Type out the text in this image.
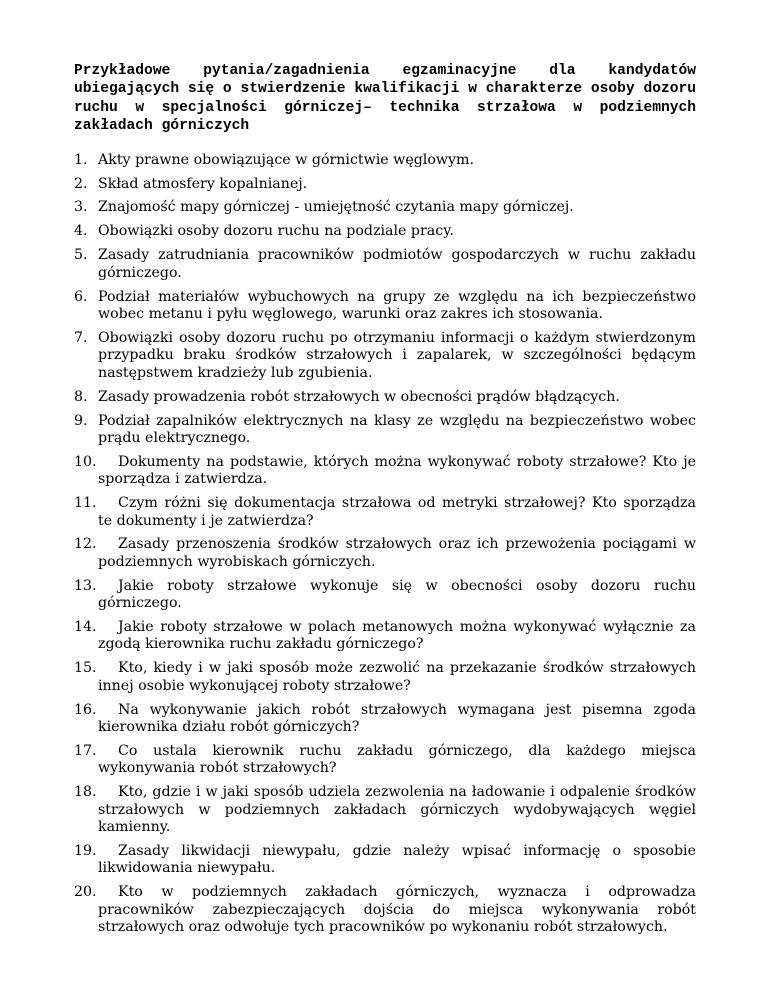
Przykładowe pytania/zagadnienia egzaminacyjne dla kandydatów ubiegających się o stwierdzenie kwalifikacji w charakterze osoby dozoru ruchu w specjalności górniczej– technika strzałowa w podziemnych zakładach górniczych

1. Akty prawne obowiązujące w górnictwie węglowym.
2. Skład atmosfery kopalnianej.
3. Znajomość mapy górniczej - umiejętność czytania mapy górniczej.
4. Obowiązki osoby dozoru ruchu na podziale pracy.
5. Zasady zatrudniania pracowników podmiotów gospodarczych w ruchu zakładu górniczego.
6. Podział materiałów wybuchowych na grupy ze względu na ich bezpieczeństwo wobec metanu i pyłu węglowego, warunki oraz zakres ich stosowania.
7. Obowiązki osoby dozoru ruchu po otrzymaniu informacji o każdym stwierdzonym przypadku braku środków strzałowych i zapalarek, w szczególności będącym następstwem kradzieży lub zgubienia.
8. Zasady prowadzenia robót strzałowych w obecności prądów błądzących.
9. Podział zapalników elektrycznych na klasy ze względu na bezpieczeństwo wobec prądu elektrycznego.
10. Dokumenty na podstawie, których można wykonywać roboty strzałowe? Kto je sporządza i zatwierdza.
11. Czym różni się dokumentacja strzałowa od metryki strzałowej? Kto sporządza te dokumenty i je zatwierdza?
12. Zasady przenoszenia środków strzałowych oraz ich przewożenia pociągami w podziemnych wyrobiskach górniczych.
13. Jakie roboty strzałowe wykonuje się w obecności osoby dozoru ruchu górniczego.
14. Jakie roboty strzałowe w polach metanowych można wykonywać wyłącznie za zgodą kierownika ruchu zakładu górniczego?
15. Kto, kiedy i w jaki sposób może zezwolić na przekazanie środków strzałowych innej osobie wykonującej roboty strzałowe?
16. Na wykonywanie jakich robót strzałowych wymagana jest pisemna zgoda kierownika działu robót górniczych?
17. Co ustala kierownik ruchu zakładu górniczego, dla każdego miejsca wykonywania robót strzałowych?
18. Kto, gdzie i w jaki sposób udziela zezwolenia na ładowanie i odpalenie środków strzałowych w podziemnych zakładach górniczych wydobywających węgiel kamienny.
19. Zasady likwidacji niewypału, gdzie należy wpisać informację o sposobie likwidowania niewypału.
20. Kto w podziemnych zakładach górniczych, wyznacza i odprowadza pracowników zabezpieczających dojścia do miejsca wykonywania robót strzałowych oraz odwołuje tych pracowników po wykonaniu robót strzałowych.
